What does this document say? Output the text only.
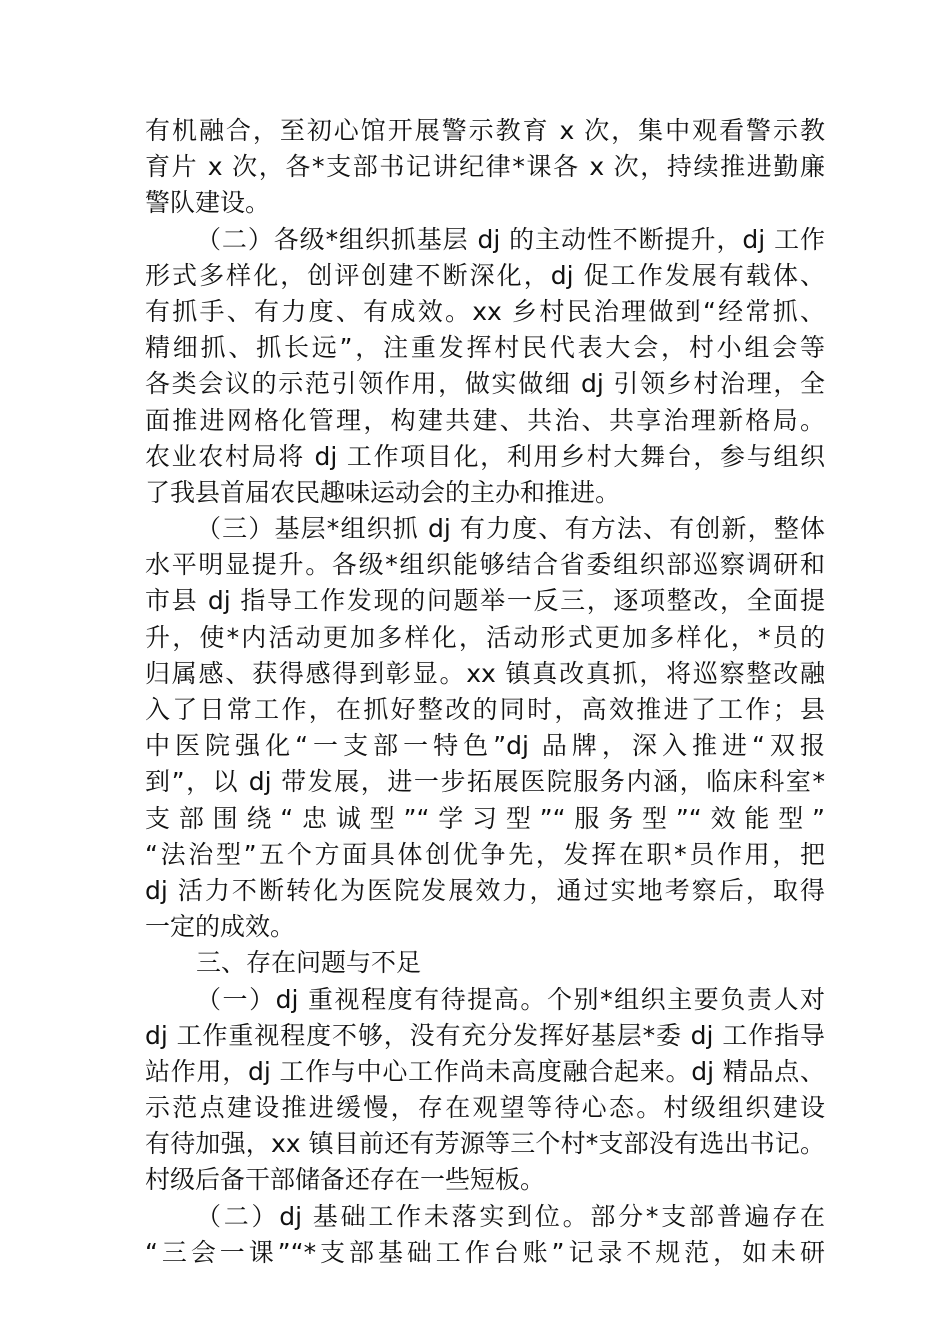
有机融合，至初心馆开展警示教育 x 次，集中观看警示教
育片 x 次，各*支部书记讲纪律*课各 x 次，持续推进勤廉
警队建设。
（二）各级*组织抓基层 dj 的主动性不断提升，dj 工作
形式多样化，创评创建不断深化，dj 促工作发展有载体、
有抓手、有力度、有成效。xx 乡村民治理做到“经常抓、
精细抓、抓长远”，注重发挥村民代表大会，村小组会等
各类会议的示范引领作用，做实做细 dj 引领乡村治理，全
面推进网格化管理，构建共建、共治、共享治理新格局。
农业农村局将 dj 工作项目化，利用乡村大舞台，参与组织
了我县首届农民趣味运动会的主办和推进。
（三）基层*组织抓 dj 有力度、有方法、有创新，整体
水平明显提升。各级*组织能够结合省委组织部巡察调研和
市县 dj 指导工作发现的问题举一反三，逐项整改，全面提
升，使*内活动更加多样化，活动形式更加多样化，*员的
归属感、获得感得到彰显。xx 镇真改真抓，将巡察整改融
入了日常工作，在抓好整改的同时，高效推进了工作；县
中医院强化“一支部一特色”dj 品牌，深入推进“双报
到”，以 dj 带发展，进一步拓展医院服务内涵，临床科室*
支部围绕“忠诚型”“学习型”“服务型”“效能型”
“法治型”五个方面具体创优争先，发挥在职*员作用，把
dj 活力不断转化为医院发展效力，通过实地考察后，取得
一定的成效。
三、存在问题与不足
（一）dj 重视程度有待提高。个别*组织主要负责人对
dj 工作重视程度不够，没有充分发挥好基层*委 dj 工作指导
站作用，dj 工作与中心工作尚未高度融合起来。dj 精品点、
示范点建设推进缓慢，存在观望等待心态。村级组织建设
有待加强，xx 镇目前还有芳源等三个村*支部没有选出书记。
村级后备干部储备还存在一些短板。
（二）dj 基础工作未落实到位。部分*支部普遍存在
“三会一课”“*支部基础工作台账”记录不规范，如未研
